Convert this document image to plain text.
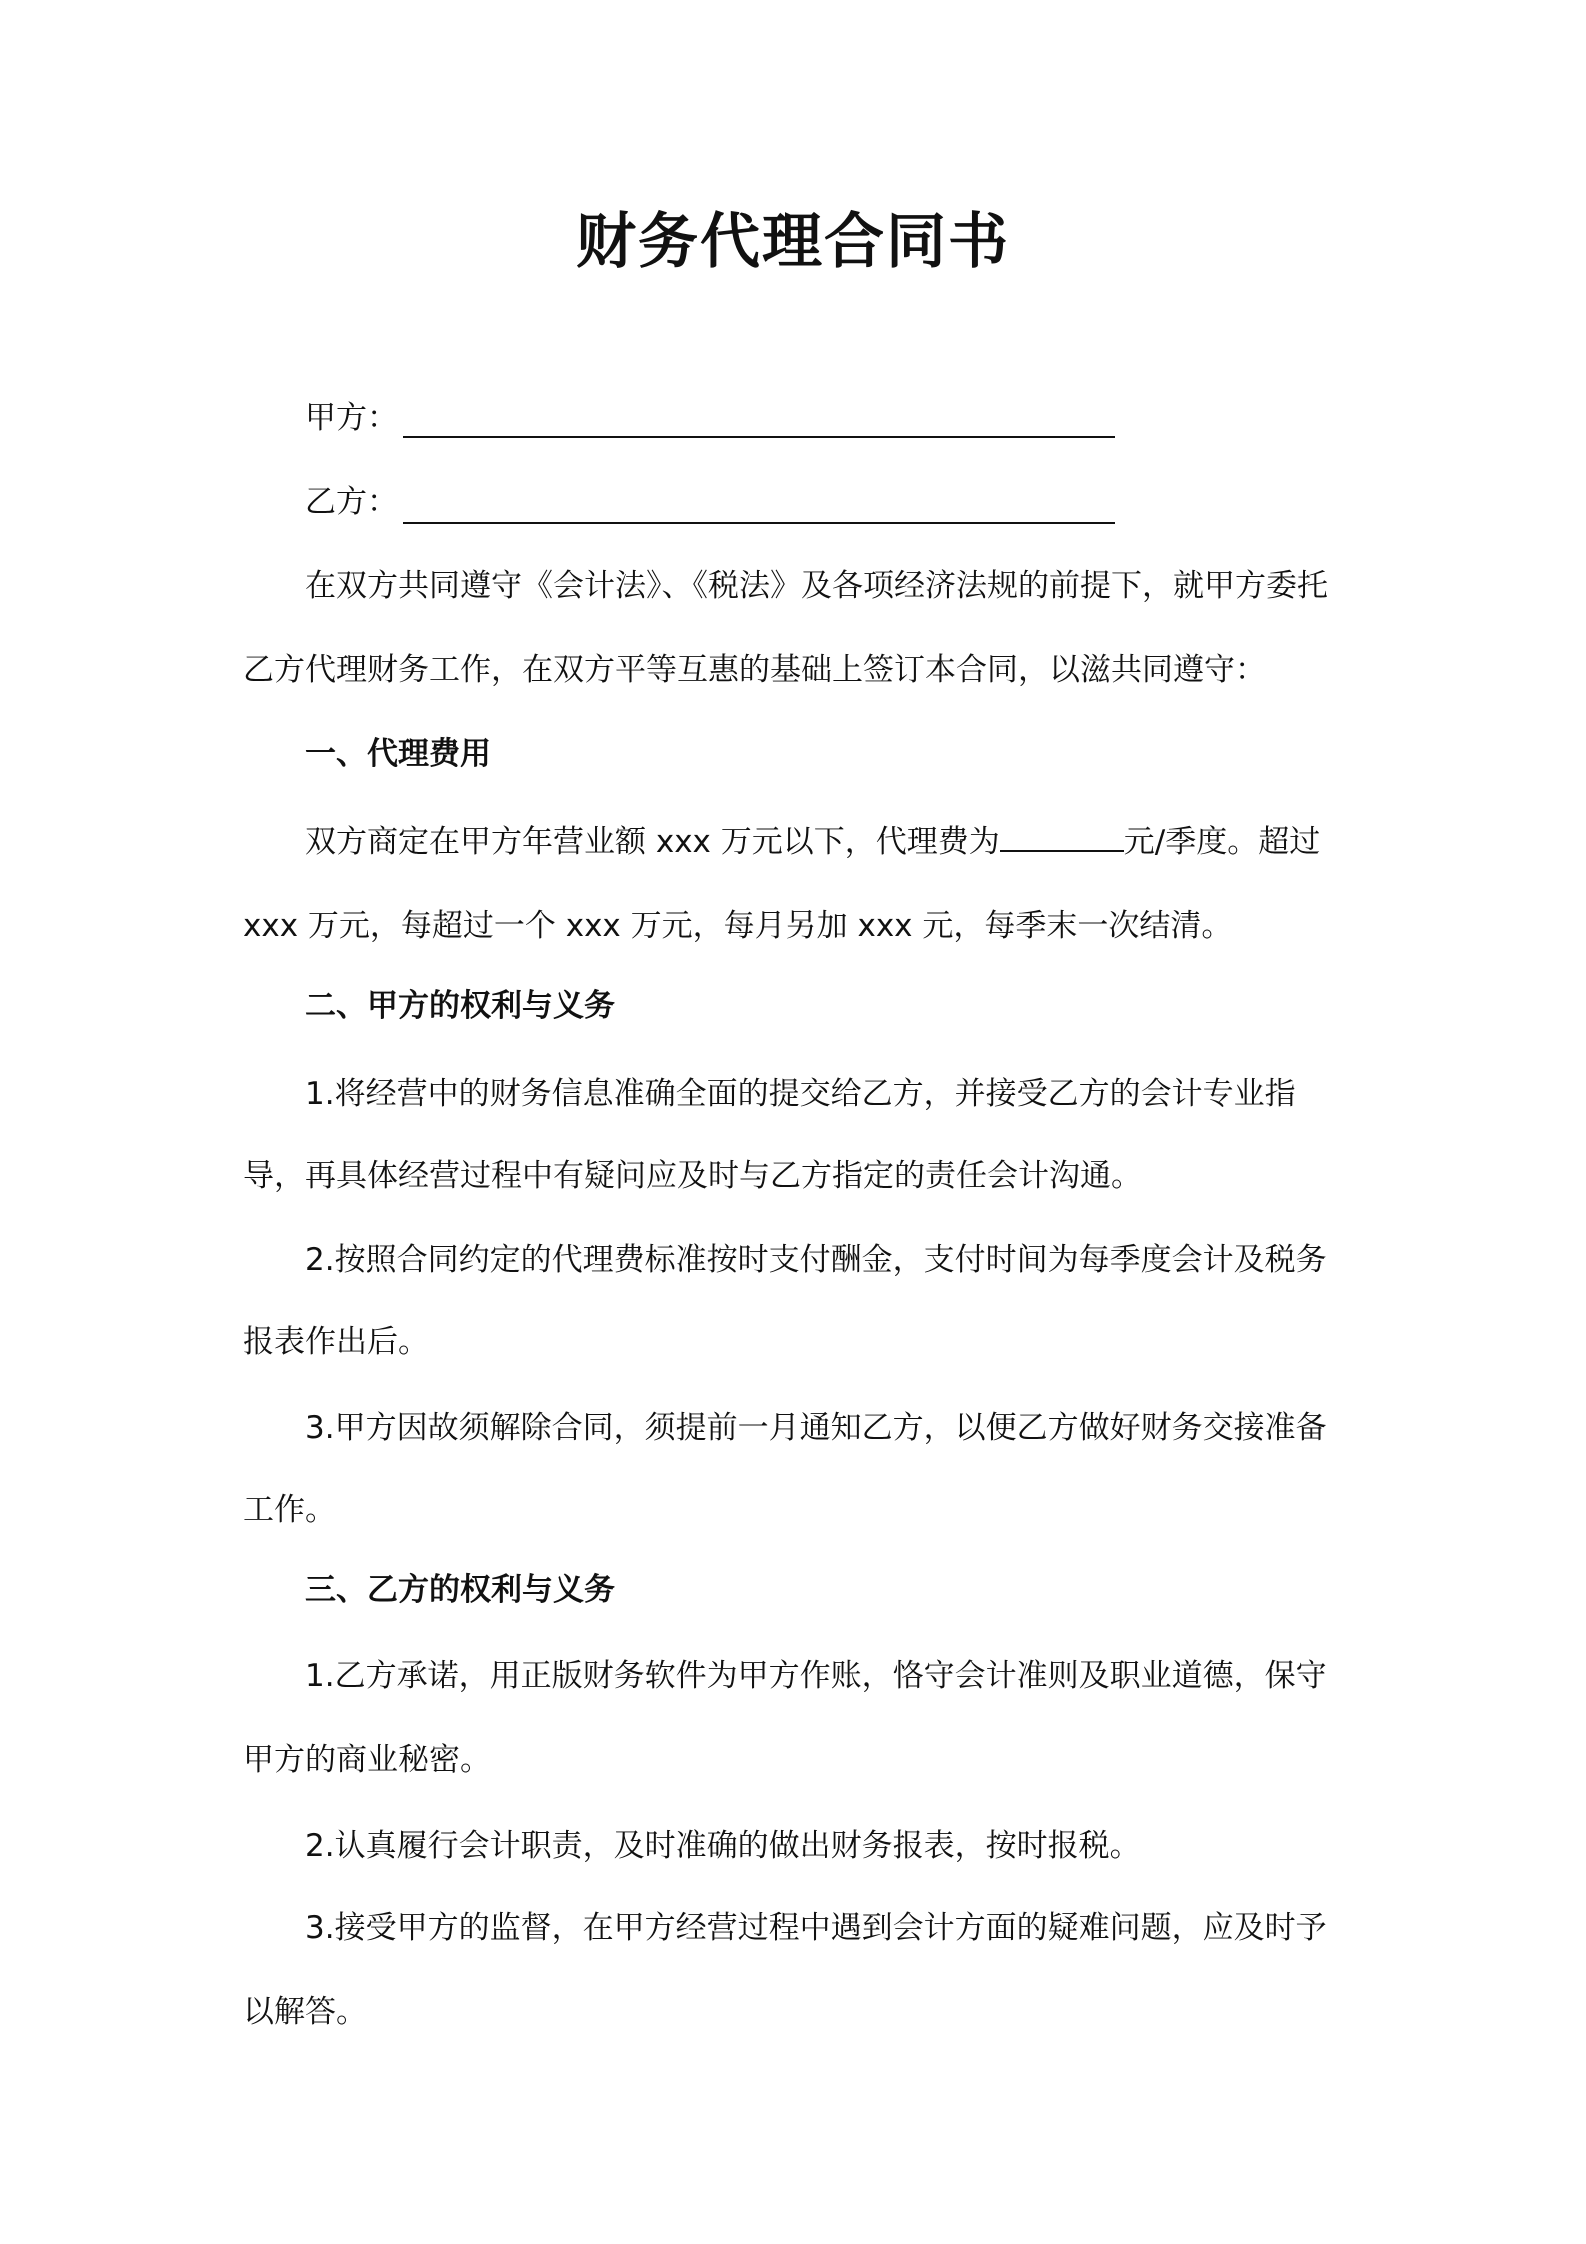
财务代理合同书
甲方：
乙方：
在双方共同遵守《会计法》、《税法》及各项经济法规的前提下，就甲方委托
乙方代理财务工作，在双方平等互惠的基础上签订本合同，以滋共同遵守：
一、代理费用
双方商定在甲方年营业额 xxx 万元以下，代理费为	元/季度。超过
xxx 万元，每超过一个 xxx 万元，每月另加 xxx 元，每季末一次结清。
二、甲方的权利与义务
1.将经营中的财务信息准确全面的提交给乙方，并接受乙方的会计专业指
导，再具体经营过程中有疑问应及时与乙方指定的责任会计沟通。
2.按照合同约定的代理费标准按时支付酬金，支付时间为每季度会计及税务
报表作出后。
3.甲方因故须解除合同，须提前一月通知乙方，以便乙方做好财务交接准备
工作。
三、乙方的权利与义务
1.乙方承诺，用正版财务软件为甲方作账，恪守会计准则及职业道德，保守
甲方的商业秘密。
2.认真履行会计职责，及时准确的做出财务报表，按时报税。
3.接受甲方的监督，在甲方经营过程中遇到会计方面的疑难问题，应及时予
以解答。
